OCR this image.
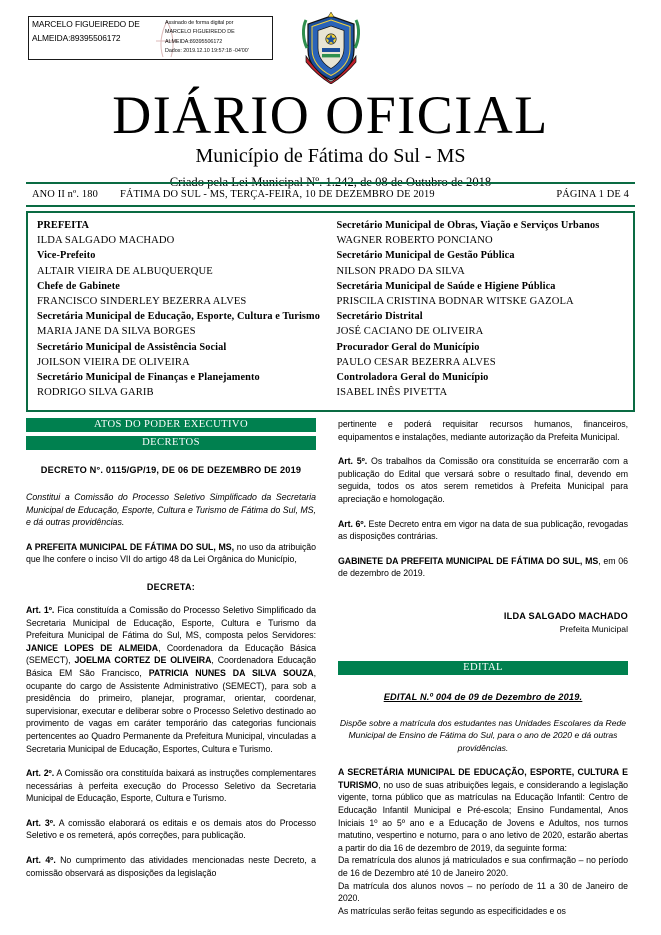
MARCELO FIGUEIREDO DE ALMEIDA:89395506172
Assinado de forma digital por
MARCELO FIGUEIREDO DE
ALMEIDA:89395506172
Dados: 2019.12.10 19:57:18 -04'00'
DIÁRIO OFICIAL
Município de Fátima do Sul - MS
Criado pela Lei Municipal Nº. 1.242, de 08 de Outubro de 2018
ANO II nº. 180	FÁTIMA DO SUL - MS, TERÇA-FEIRA, 10 DE DEZEMBRO DE 2019	PÁGINA 1 DE 4
PREFEITA
ILDA SALGADO MACHADO
Vice-Prefeito
ALTAIR VIEIRA DE ALBUQUERQUE
Chefe de Gabinete
FRANCISCO SINDERLEY BEZERRA ALVES
Secretária Municipal de Educação, Esporte, Cultura e Turismo
MARIA JANE DA SILVA BORGES
Secretário Municipal de Assistência Social
JOILSON VIEIRA DE OLIVEIRA
Secretário Municipal de Finanças e Planejamento
RODRIGO SILVA GARIB
Secretário Municipal de Obras, Viação e Serviços Urbanos
WAGNER ROBERTO PONCIANO
Secretário Municipal de Gestão Pública
NILSON PRADO DA SILVA
Secretária Municipal de Saúde e Higiene Pública
PRISCILA CRISTINA BODNAR WITSKE GAZOLA
Secretário Distrital
JOSÉ CACIANO DE OLIVEIRA
Procurador Geral do Município
PAULO CESAR BEZERRA ALVES
Controladora Geral do Município
ISABEL INÊS PIVETTA
ATOS DO PODER EXECUTIVO
DECRETOS
DECRETO N°. 0115/GP/19, DE 06 DE DEZEMBRO DE 2019
Constitui a Comissão do Processo Seletivo Simplificado da Secretaria Municipal de Educação, Esporte, Cultura e Turismo de Fátima do Sul, MS, e dá outras providências.
A PREFEITA MUNICIPAL DE FÁTIMA DO SUL, MS, no uso da atribuição que lhe confere o inciso VII do artigo 48 da Lei Orgânica do Município,
DECRETA:
Art. 1º. Fica constituída a Comissão do Processo Seletivo Simplificado da Secretaria Municipal de Educação, Esporte, Cultura e Turismo da Prefeitura Municipal de Fátima do Sul, MS, composta pelos Servidores: JANICE LOPES DE ALMEIDA, Coordenadora da Educação Básica (SEMECT), JOELMA CORTEZ DE OLIVEIRA, Coordenadora Educação Básica EM São Francisco, PATRICIA NUNES DA SILVA SOUZA, ocupante do cargo de Assistente Administrativo (SEMECT), para sob a presidência do primeiro, planejar, programar, orientar, coordenar, supervisionar, executar e deliberar sobre o Processo Seletivo destinado ao provimento de vagas em caráter temporário das categorias funcionais pertencentes ao Quadro Permanente da Prefeitura Municipal, vinculadas a Secretaria Municipal de Educação, Esportes, Cultura e Turismo.
Art. 2º. A Comissão ora constituída baixará as instruções complementares necessárias à perfeita execução do Processo Seletivo da Secretaria Municipal de Educação, Esporte, Cultura e Turismo.
Art. 3º. A comissão elaborará os editais e os demais atos do Processo Seletivo e os remeterá, após correções, para publicação.
Art. 4º. No cumprimento das atividades mencionadas neste Decreto, a comissão observará as disposições da legislação
pertinente e poderá requisitar recursos humanos, financeiros, equipamentos e instalações, mediante autorização da Prefeita Municipal.
Art. 5º. Os trabalhos da Comissão ora constituída se encerrarão com a publicação do Edital que versará sobre o resultado final, devendo em seguida, todos os atos serem remetidos à Prefeita Municipal para apreciação e homologação.
Art. 6º. Este Decreto entra em vigor na data de sua publicação, revogadas as disposições contrárias.
GABINETE DA PREFEITA MUNICIPAL DE FÁTIMA DO SUL, MS, em 06 de dezembro de 2019.
ILDA SALGADO MACHADO
Prefeita Municipal
EDITAL
EDITAL N.º 004 de 09 de Dezembro de 2019.
Dispõe sobre a matrícula dos estudantes nas Unidades Escolares da Rede Municipal de Ensino de Fátima do Sul, para o ano de 2020 e dá outras providências.
A SECRETÁRIA MUNICIPAL DE EDUCAÇÃO, ESPORTE, CULTURA E TURISMO, no uso de suas atribuições legais, e considerando a legislação vigente, torna público que as matrículas na Educação Infantil: Centro de Educação Infantil Municipal e Pré-escola; Ensino Fundamental, Anos Iniciais 1º ao 5º ano e a Educação de Jovens e Adultos, nos turnos matutino, vespertino e noturno, para o ano letivo de 2020, estarão abertas a partir do dia 16 de dezembro de 2019, da seguinte forma:
Da rematrícula dos alunos já matriculados e sua confirmação – no período de 16 de Dezembro até 10 de Janeiro 2020.
Da matrícula dos alunos novos – no período de 11 a 30 de Janeiro de 2020.
As matrículas serão feitas segundo as especificidades e os
